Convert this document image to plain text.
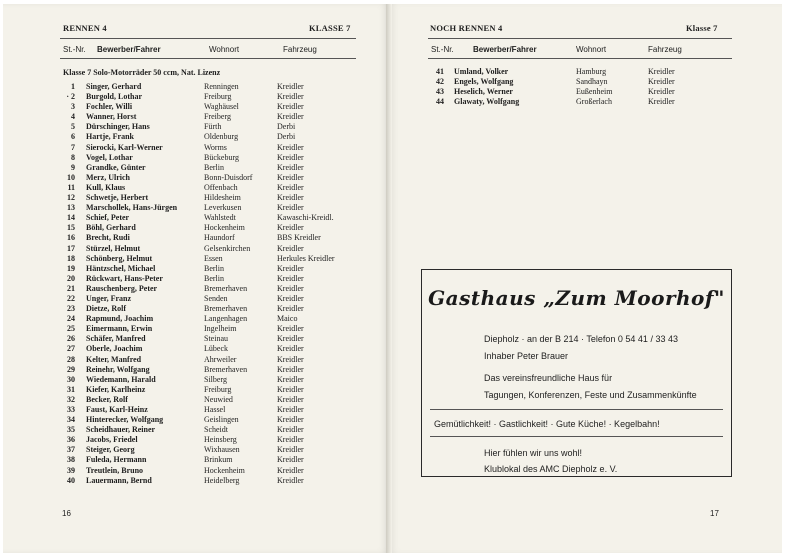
RENNEN 4	KLASSE 7
St.-Nr. Bewerber/Fahrer	Wohnort	Fahrzeug
Klasse 7 Solo-Motorräder 50 ccm, Nat. Lizenz
1 Singer, Gerhard	Renningen	Kreidler
· 2 Burgold, Lothar	Freiburg	Kreidler
3 Fochler, Willi	Waghäusel	Kreidler
4 Wanner, Horst	Freiberg	Kreidler
5 Dürschinger, Hans	Fürth	Derbi
6 Hartje, Frank	Oldenburg	Derbi
7 Sierocki, Karl-Werner	Worms	Kreidler
8 Vogel, Lothar	Bückeburg	Kreidler
9 Grandke, Günter	Berlin	Kreidler
10 Merz, Ulrich	Bonn-Duisdorf	Kreidler
11 Kull, Klaus	Offenbach	Kreidler
12 Schwetje, Herbert	Hildesheim	Kreidler
13 Marschollek, Hans-Jürgen	Leverkusen	Kreidler
14 Schief, Peter	Wahlstedt	Kawaschi-Kreidl.
15 Böhl, Gerhard	Hockenheim	Kreidler
16 Brecht, Rudi	Haundorf	BBS Kreidler
17 Stürzel, Helmut	Gelsenkirchen	Kreidler
18 Schönberg, Helmut	Essen	Herkules Kreidler
19 Häntzschel, Michael	Berlin	Kreidler
20 Rückwart, Hans-Peter	Berlin	Kreidler
21 Rauschenberg, Peter	Bremerhaven	Kreidler
22 Unger, Franz	Senden	Kreidler
23 Dietze, Rolf	Bremerhaven	Kreidler
24 Rapmund, Joachim	Langenhagen	Maico
25 Eimermann, Erwin	Ingelheim	Kreidler
26 Schäfer, Manfred	Steinau	Kreidler
27 Oberle, Joachim	Lübeck	Kreidler
28 Kelter, Manfred	Ahrweiler	Kreidler
29 Reinehr, Wolfgang	Bremerhaven	Kreidler
30 Wiedemann, Harald	Silberg	Kreidler
31 Kiefer, Karlheinz	Freiburg	Kreidler
32 Becker, Rolf	Neuwied	Kreidler
33 Faust, Karl-Heinz	Hassel	Kreidler
34 Hinterecker, Wolfgang	Geislingen	Kreidler
35 Scheidhauer, Reiner	Scheidt	Kreidler
36 Jacobs, Friedel	Heinsberg	Kreidler
37 Steiger, Georg	Wixhausen	Kreidler
38 Fuleda, Hermann	Brinkum	Kreidler
39 Treutlein, Bruno	Hockenheim	Kreidler
40 Lauermann, Bernd	Heidelberg	Kreidler
16
NOCH RENNEN 4	Klasse 7
St.-Nr. Bewerber/Fahrer	Wohnort	Fahrzeug
41 Umland, Volker	Hamburg	Kreidler
42 Engels, Wolfgang	Sandhayn	Kreidler
43 Heselich, Werner	Eußenheim	Kreidler
44 Glawaty, Wolfgang	Großerlach	Kreidler
Gasthaus „Zum Moorhof"
Diepholz · an der B 214 · Telefon 0 54 41 / 33 43
Inhaber Peter Brauer
Das vereinsfreundliche Haus für
Tagungen, Konferenzen, Feste und Zusammenkünfte
Gemütlichkeit! · Gastlichkeit! · Gute Küche! · Kegelbahn!
Hier fühlen wir uns wohl!
Klublokal des AMC Diepholz e. V.
17
